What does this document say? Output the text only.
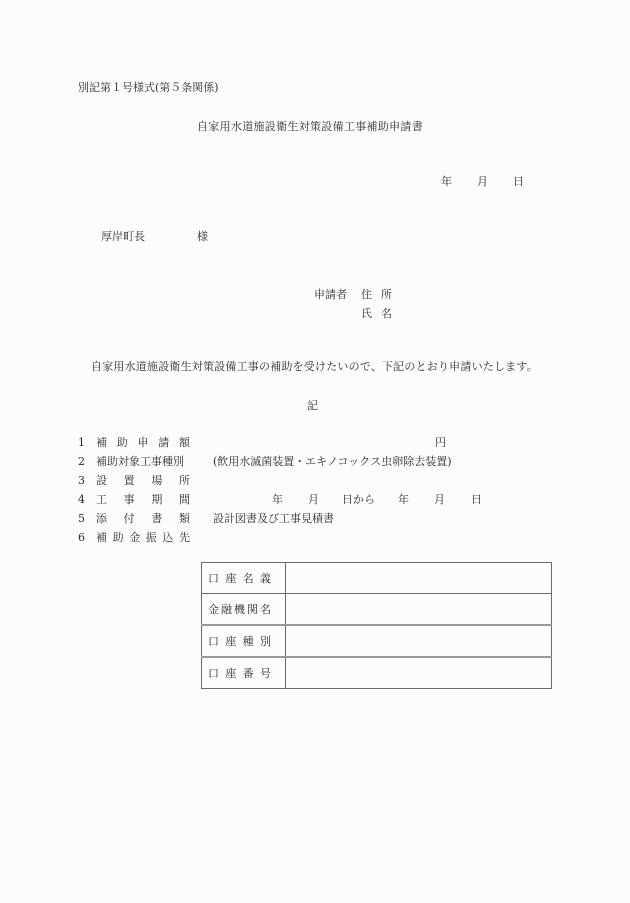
別記第１号様式(第５条関係)
自家用水道施設衛生対策設備工事補助申請書
年 月 日
厚岸町長	様
申請者 住所
氏名
自家用水道施設衛生対策設備工事の補助を受けたいので、下記のとおり申請いたします。
記
1	補 助 申 請 額	円
2	補助対象工事種別	(飲用水滅菌装置・エキノコックス虫卵除去装置)
3	設 置 場 所
4	工 事 期 間	年 月 日から 年 月 日
5	添 付 書 類 設計図書及び工事見積書
6	補 助 金 振 込 先
口 座 名 義	

金 融 機 関 名	

口 座 種 別	

口 座 番 号	
